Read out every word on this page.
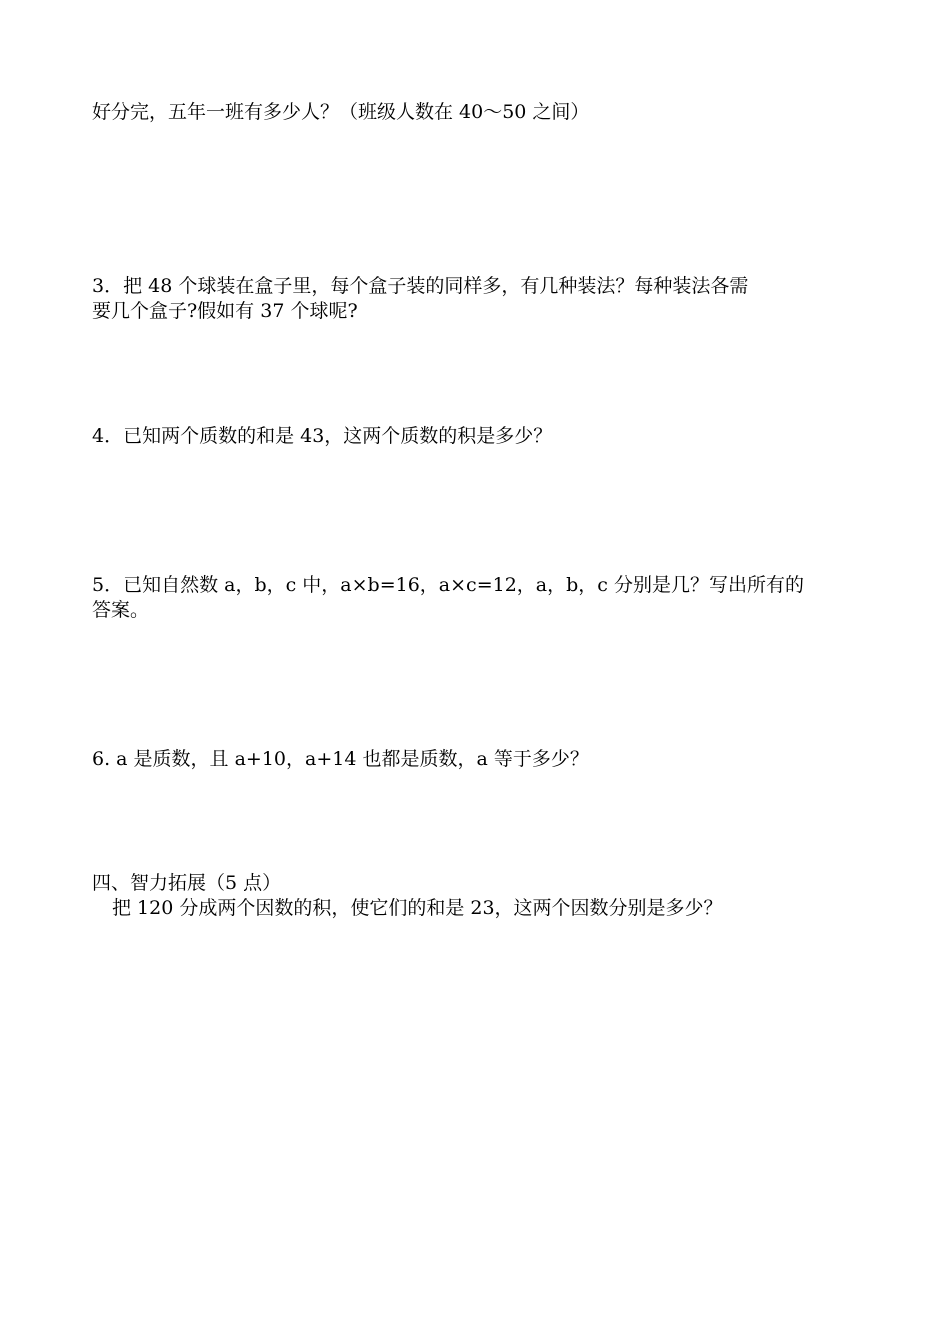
好分完，五年一班有多少人？（班级人数在 40～50 之间）

3．把 48 个球装在盒子里，每个盒子装的同样多，有几种装法？每种装法各需

要几个盒子?假如有 37 个球呢?

4．已知两个质数的和是 43，这两个质数的积是多少？

5．已知自然数 a，b，c 中，a×b=16，a×c=12，a，b，c 分别是几？写出所有的

答案。

6. a 是质数，且 a+10，a+14 也都是质数，a 等于多少？

四、智力拓展（5 点）

把 120 分成两个因数的积，使它们的和是 23，这两个因数分别是多少？
